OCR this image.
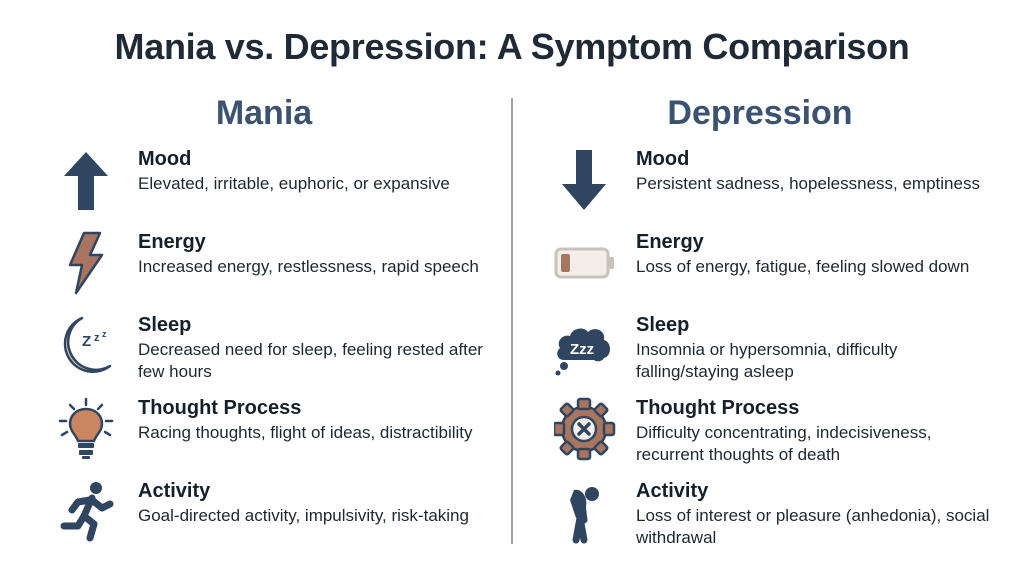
Mania vs. Depression: A Symptom Comparison
Mania	Depression
Mood
Elevated, irritable, euphoric, or expansive
Energy
Increased energy, restlessness, rapid speech
Z z z Sleep
Decreased need for sleep, feeling rested after few hours
Thought Process
Racing thoughts, flight of ideas, distractibility
Activity
Goal-directed activity, impulsivity, risk-taking
Mood
Persistent sadness, hopelessness, emptiness
Energy
Loss of energy, fatigue, feeling slowed down
Zzz
Sleep
Insomnia or hypersomnia, difficulty falling/staying asleep
Thought Process
Difficulty concentrating, indecisiveness, recurrent thoughts of death
Activity
Loss of interest or pleasure (anhedonia), social withdrawal
